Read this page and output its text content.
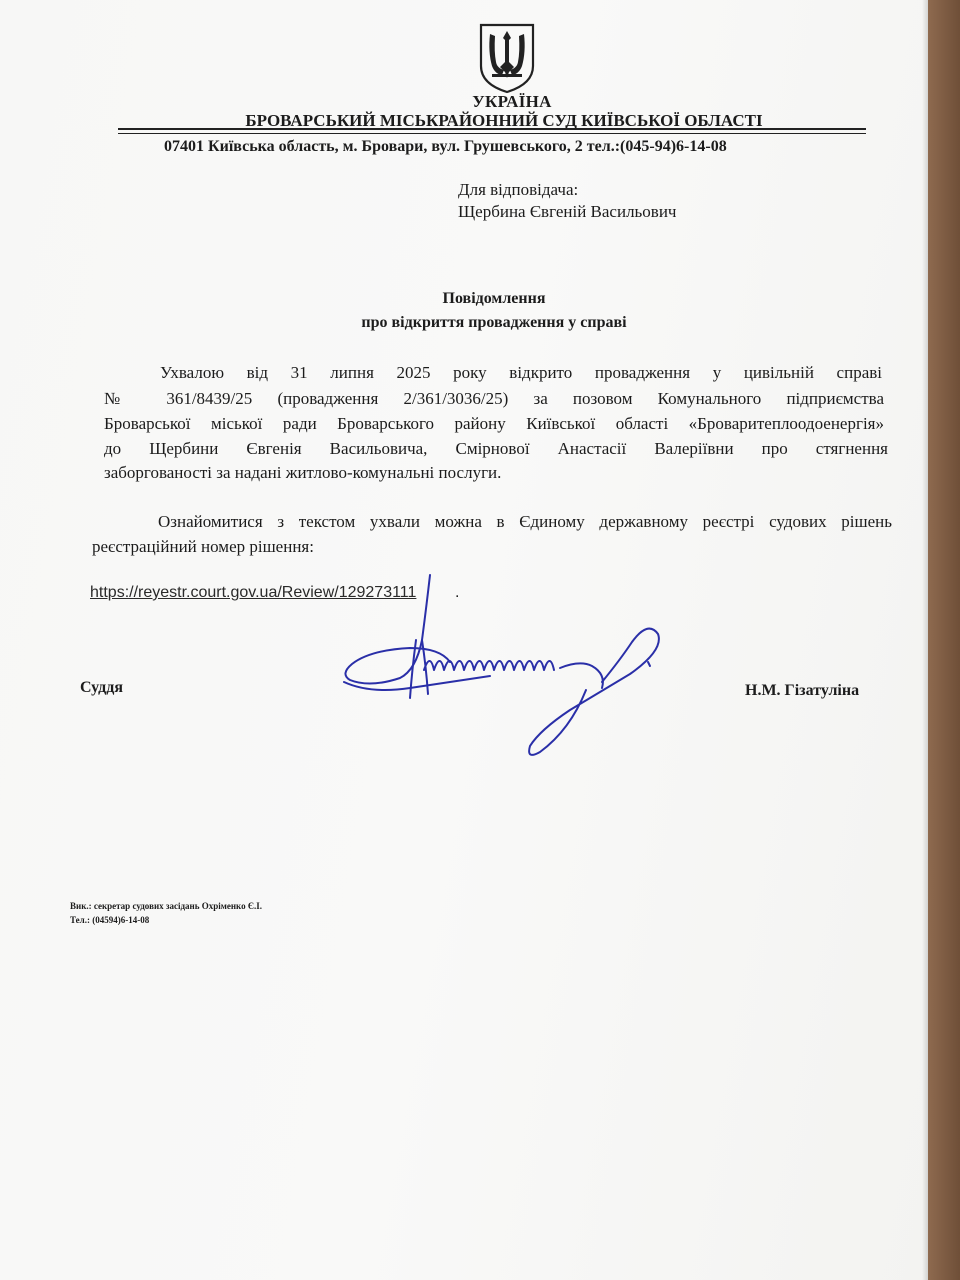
УКРАЇНА
БРОВАРСЬКИЙ МІСЬКРАЙОННИЙ СУД КИЇВСЬКОЇ ОБЛАСТІ
07401 Київська область, м. Бровари, вул. Грушевського, 2 тел.:(045-94)6-14-08
Для відповідача:
Щербина Євгеній Васильович
Повідомлення
про відкриття провадження у справі
Ухвалою від 31 липня 2025 року відкрито провадження у цивільній справі
№ 361/8439/25 (провадження 2/361/3036/25) за позовом Комунального підприємства
Броварської міської ради Броварського району Київської області «Броваритеплоодоенергія»
до Щербини Євгенія Васильовича, Смірнової Анастасії Валеріївни про стягнення
заборгованості за надані житлово-комунальні послуги.
Ознайомитися з текстом ухвали можна в Єдиному державному реєстрі судових рішень
реєстраційний номер рішення:
https://reyestr.court.gov.ua/Review/129273111 .
Суддя	Н.М. Гізатуліна
Вик.: секретар судових засідань Охріменко Є.І.
Тел.: (04594)6-14-08
